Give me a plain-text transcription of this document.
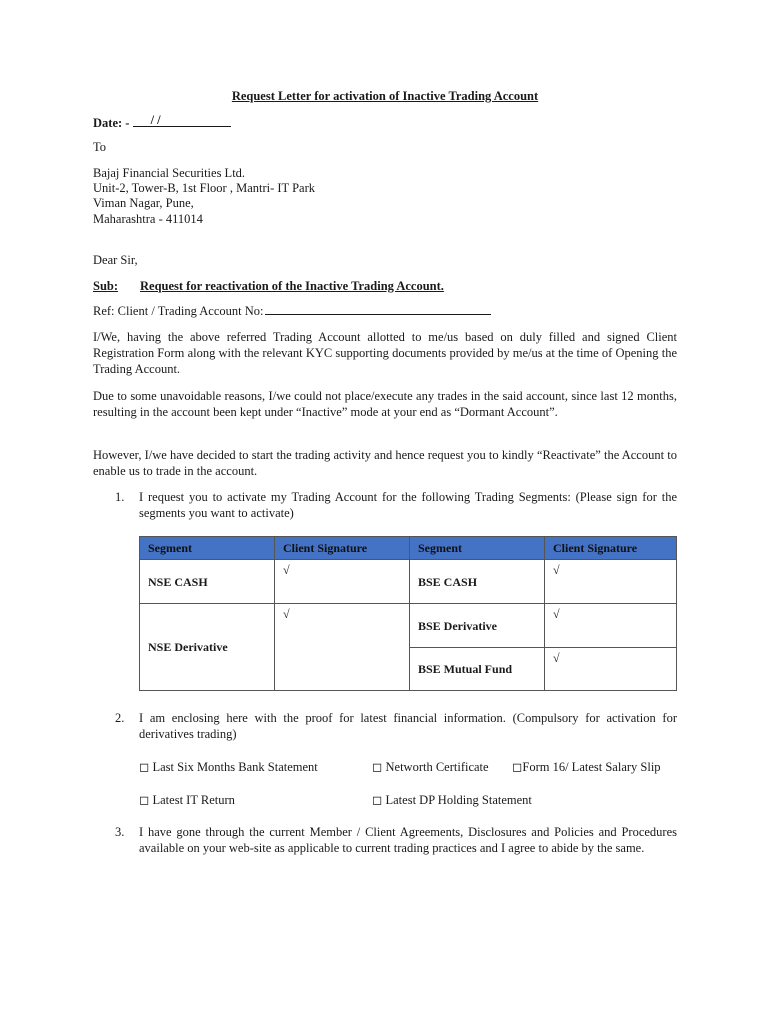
Request Letter for activation of Inactive Trading Account
Date: - / /
To
Bajaj Financial Securities Ltd.
Unit-2, Tower-B, 1st Floor , Mantri- IT Park
Viman Nagar, Pune,
Maharashtra - 411014
Dear Sir,
Sub: Request for reactivation of the Inactive Trading Account.
Ref: Client / Trading Account No:
I/We, having the above referred Trading Account allotted to me/us based on duly filled and signed Client Registration Form along with the relevant KYC supporting documents provided by me/us at the time of Opening the Trading Account.
Due to some unavoidable reasons, I/we could not place/execute any trades in the said account, since last 12 months, resulting in the account been kept under “Inactive” mode at your end as “Dormant Account”.
However, I/we have decided to start the trading activity and hence request you to kindly “Reactivate” the Account to enable us to trade in the account.
1. I request you to activate my Trading Account for the following Trading Segments: (Please sign for the segments you want to activate)
Segment	Client Signature	Segment	Client Signature
NSE CASH	√	BSE CASH	√
NSE Derivative	√	BSE Derivative	√
		BSE Mutual Fund	√
2. I am enclosing here with the proof for latest financial information. (Compulsory for activation for derivatives trading)
◻ Last Six Months Bank Statement	◻ Networth Certificate ◻Form 16/ Latest Salary Slip
◻ Latest IT Return	◻ Latest DP Holding Statement
3. I have gone through the current Member / Client Agreements, Disclosures and Policies and Procedures available on your web-site as applicable to current trading practices and I agree to abide by the same.
